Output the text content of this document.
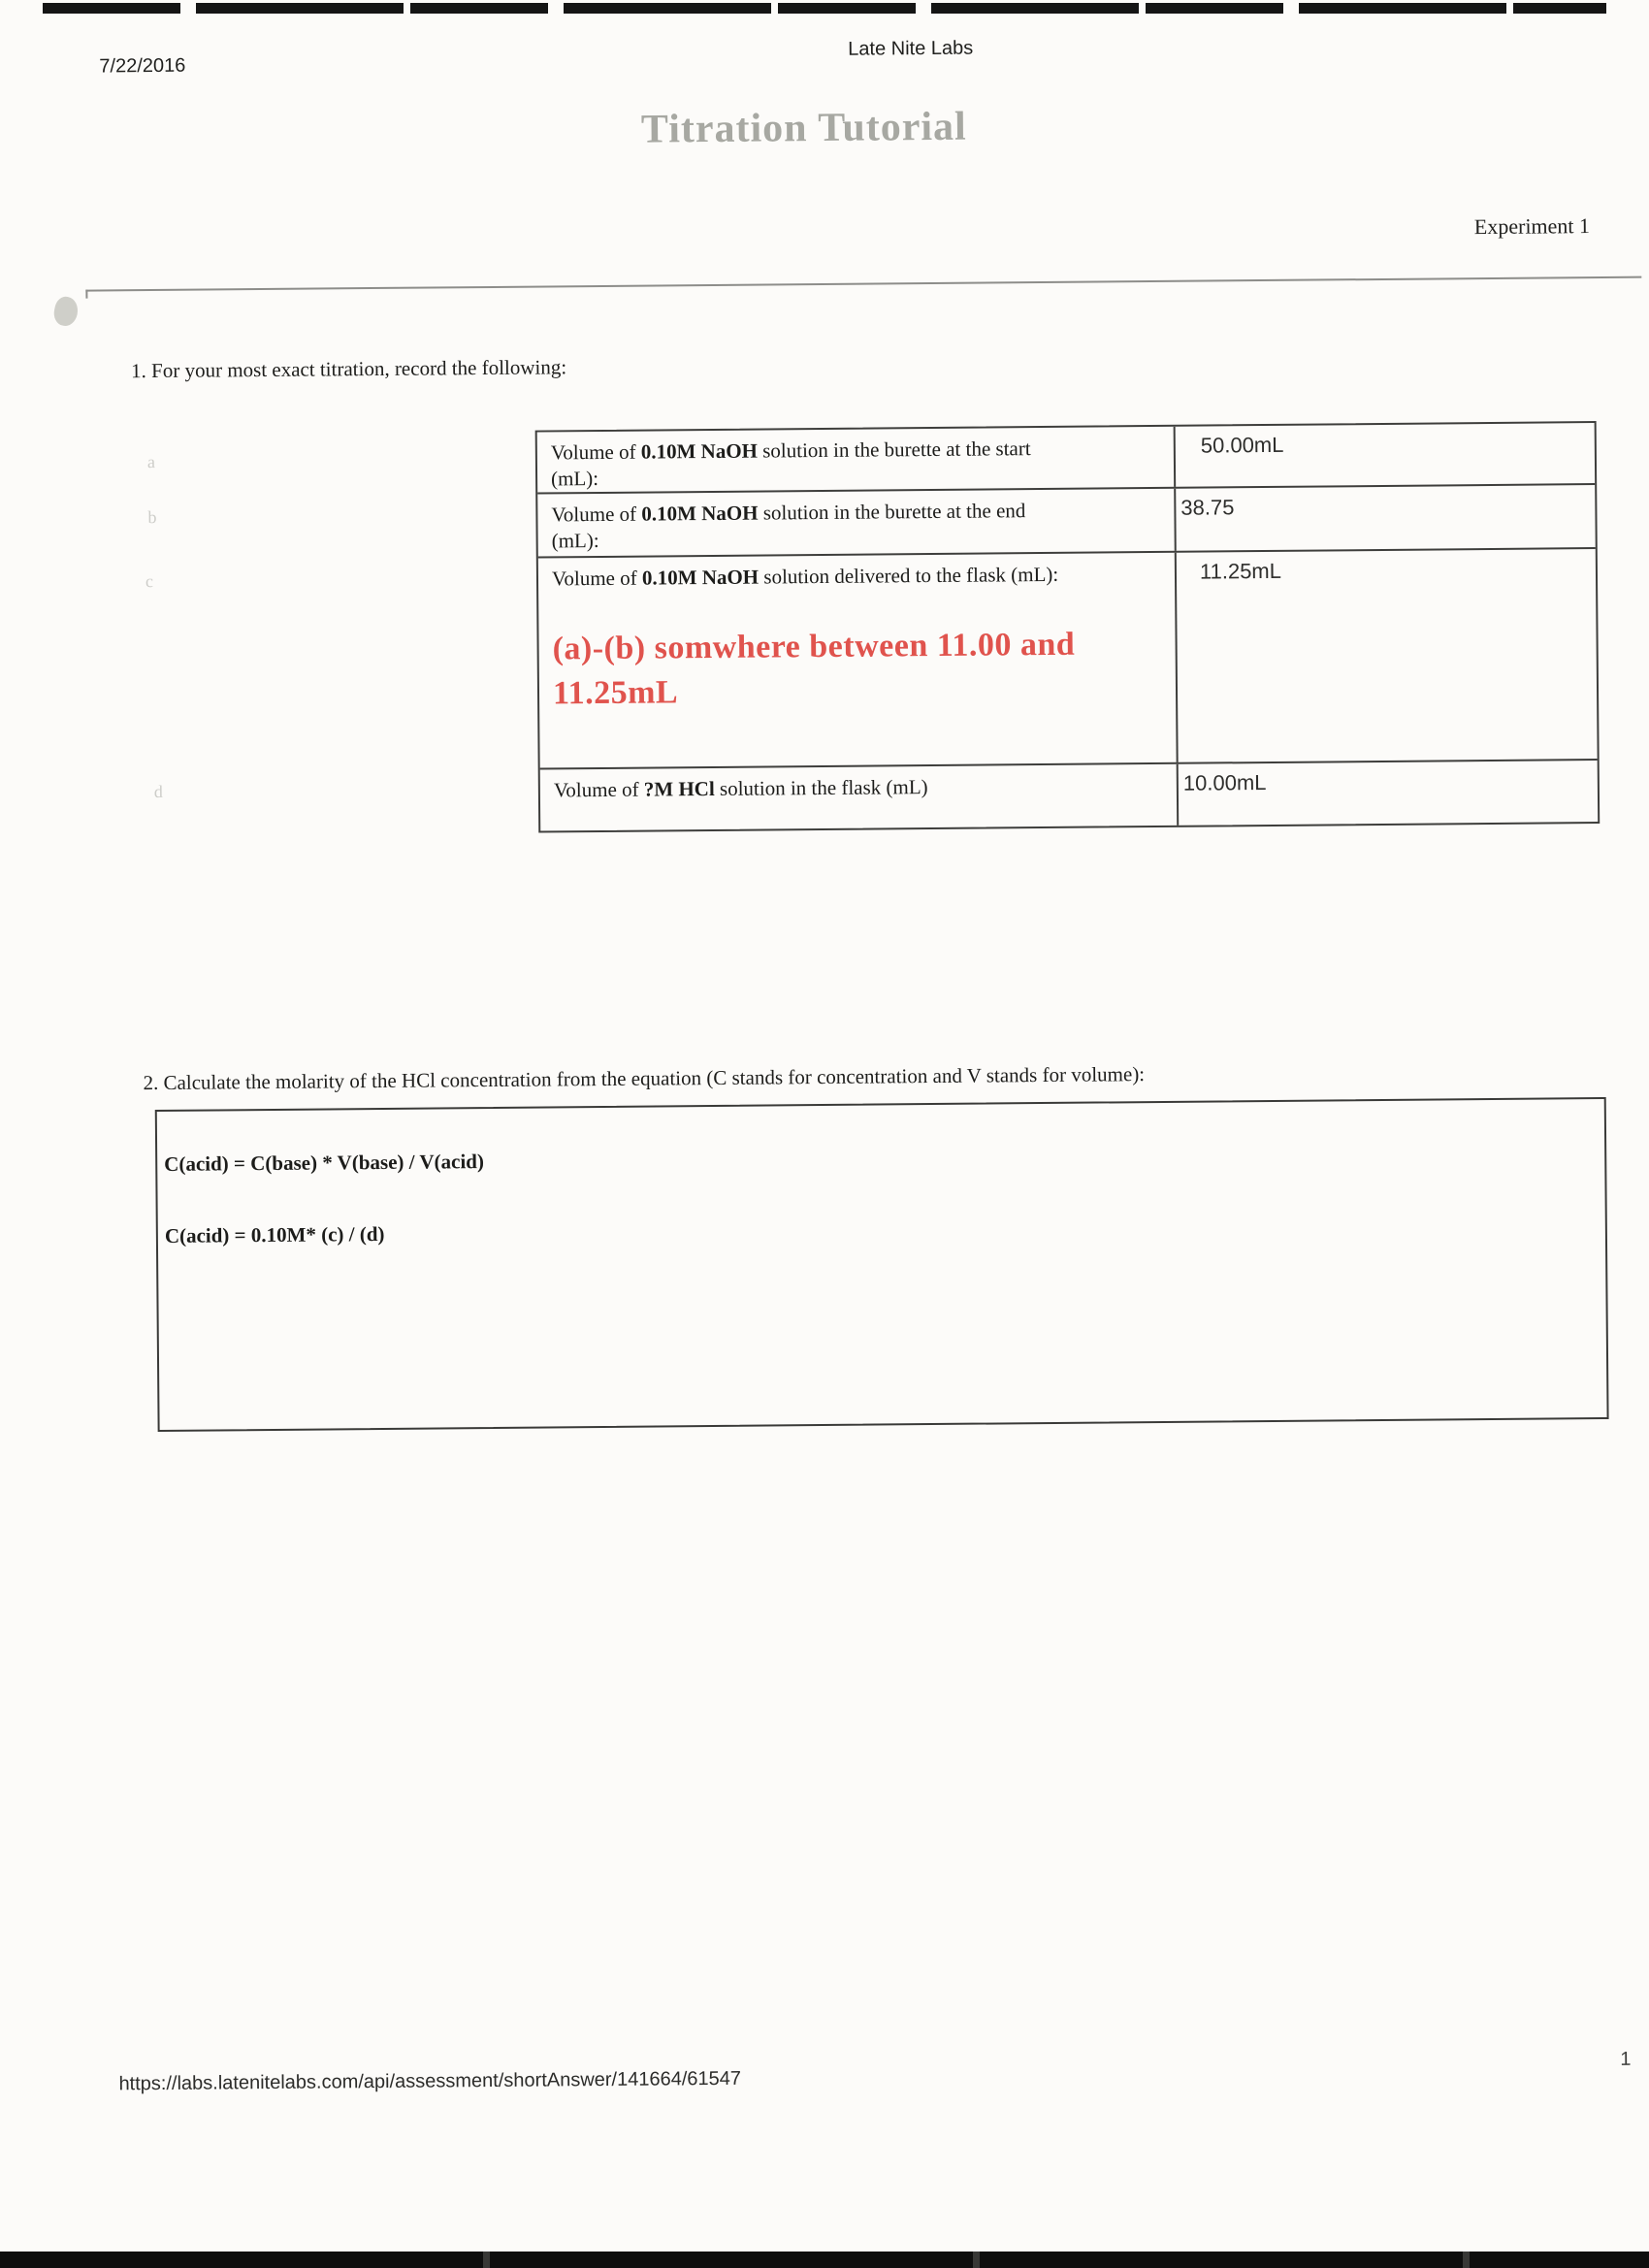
7/22/2016
Late Nite Labs
Titration Tutorial
Experiment 1
1. For your most exact titration, record the following:
a
b
c
d
Volume of 0.10M NaOH solution in the burette at the start
(mL):
50.00mL
Volume of 0.10M NaOH solution in the burette at the end
(mL):
38.75
Volume of 0.10M NaOH solution delivered to the flask (mL):
(a)-(b) somwhere between 11.00 and
11.25mL
11.25mL
Volume of ?M HCl solution in the flask (mL)	10.00mL
2. Calculate the molarity of the HCl concentration from the equation (C stands for concentration and V stands for volume):
C(acid) = C(base) * V(base) / V(acid)
C(acid) = 0.10M* (c) / (d)
https://labs.latenitelabs.com/api/assessment/shortAnswer/141664/61547
1
